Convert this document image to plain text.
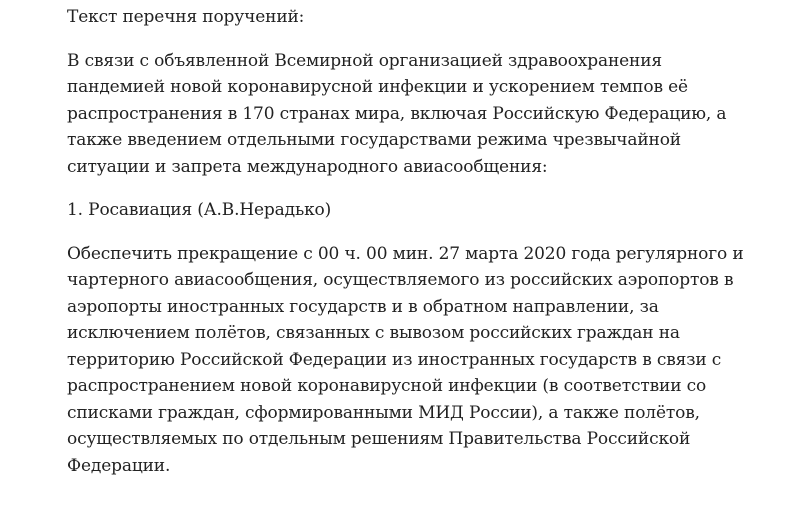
Текст перечня поручений:

В связи с объявленной Всемирной организацией здравоохранения
пандемией новой коронавирусной инфекции и ускорением темпов её
распространения в 170 странах мира, включая Российскую Федерацию, а
также введением отдельными государствами режима чрезвычайной
ситуации и запрета международного авиасообщения:

1. Росавиация (А.В.Нерадько)

Обеспечить прекращение с 00 ч. 00 мин. 27 марта 2020 года регулярного и
чартерного авиасообщения, осуществляемого из российских аэропортов в
аэропорты иностранных государств и в обратном направлении, за
исключением полётов, связанных с вывозом российских граждан на
территорию Российской Федерации из иностранных государств в связи с
распространением новой коронавирусной инфекции (в соответствии со
списками граждан, сформированными МИД России), а также полётов,
осуществляемых по отдельным решениям Правительства Российской
Федерации.
